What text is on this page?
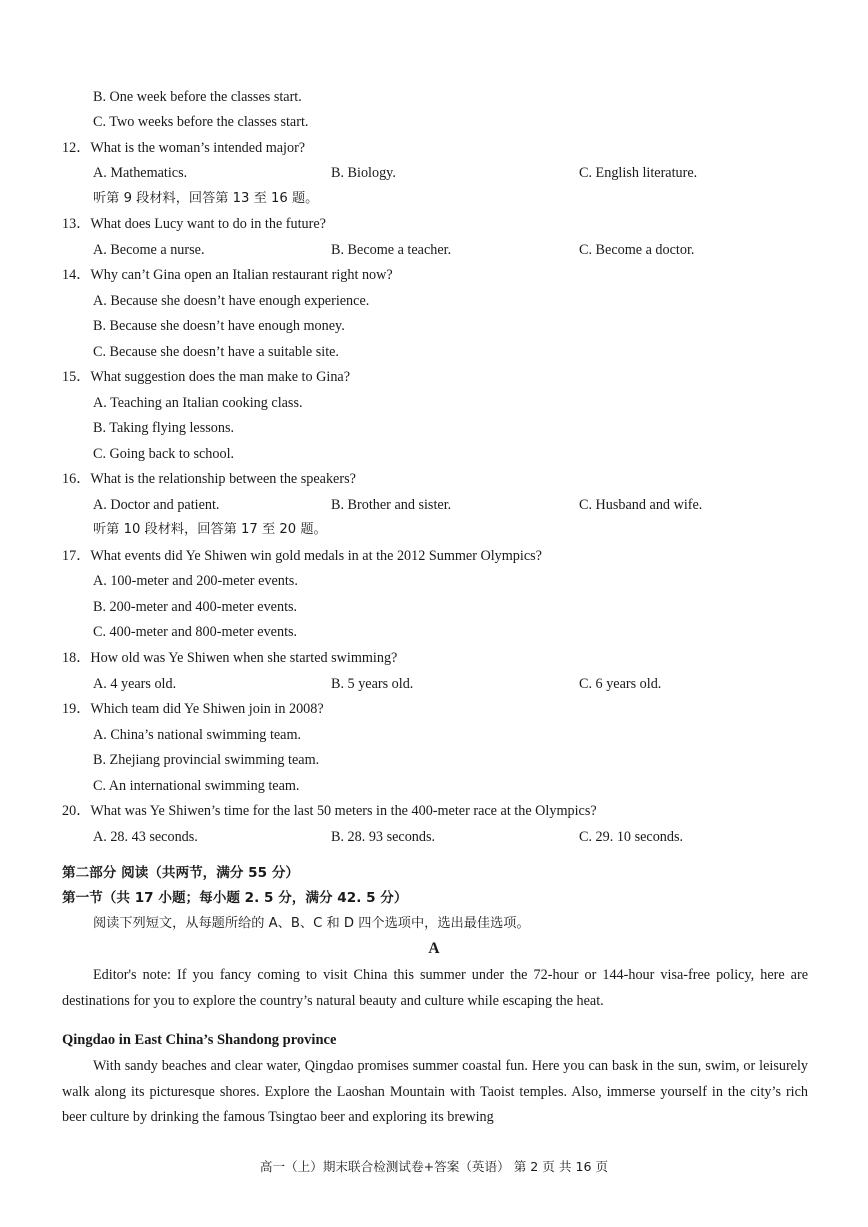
B. One week before the classes start.
C. Two weeks before the classes start.
12．What is the woman’s intended major?
A. Mathematics.	B. Biology.	C. English literature.
听第 9 段材料，回答第 13 至 16 题。
13．What does Lucy want to do in the future?
A. Become a nurse.	B. Become a teacher.	C. Become a doctor.
14．Why can’t Gina open an Italian restaurant right now?
A. Because she doesn’t have enough experience.
B. Because she doesn’t have enough money.
C. Because she doesn’t have a suitable site.
15．What suggestion does the man make to Gina?
A. Teaching an Italian cooking class.
B. Taking flying lessons.
C. Going back to school.
16．What is the relationship between the speakers?
A. Doctor and patient.	B. Brother and sister.	C. Husband and wife.
听第 10 段材料，回答第 17 至 20 题。
17．What events did Ye Shiwen win gold medals in at the 2012 Summer Olympics?
A. 100-meter and 200-meter events.
B. 200-meter and 400-meter events.
C. 400-meter and 800-meter events.
18．How old was Ye Shiwen when she started swimming?
A. 4 years old.	B. 5 years old.	C. 6 years old.
19．Which team did Ye Shiwen join in 2008?
A. China’s national swimming team.
B. Zhejiang provincial swimming team.
C. An international swimming team.
20．What was Ye Shiwen’s time for the last 50 meters in the 400-meter race at the Olympics?
A. 28. 43 seconds.	B. 28. 93 seconds.	C. 29. 10 seconds.
第二部分 阅读（共两节，满分 55 分）
第一节（共 17 小题；每小题 2. 5 分，满分 42. 5 分）
阅读下列短文，从每题所给的 A、B、C 和 D 四个选项中，选出最佳选项。
A

Editor's note: If you fancy coming to visit China this summer under the 72-hour or 144-hour visa-free policy, here are destinations for you to explore the country’s natural beauty and culture while escaping the heat.

Qingdao in East China’s Shandong province

With sandy beaches and clear water, Qingdao promises summer coastal fun. Here you can bask in the sun, swim, or leisurely walk along its picturesque shores. Explore the Laoshan Mountain with Taoist temples. Also, immerse yourself in the city’s rich beer culture by drinking the famous Tsingtao beer and exploring its brewing

高一（上）期末联合检测试卷+答案（英语） 第 2 页 共 16 页
